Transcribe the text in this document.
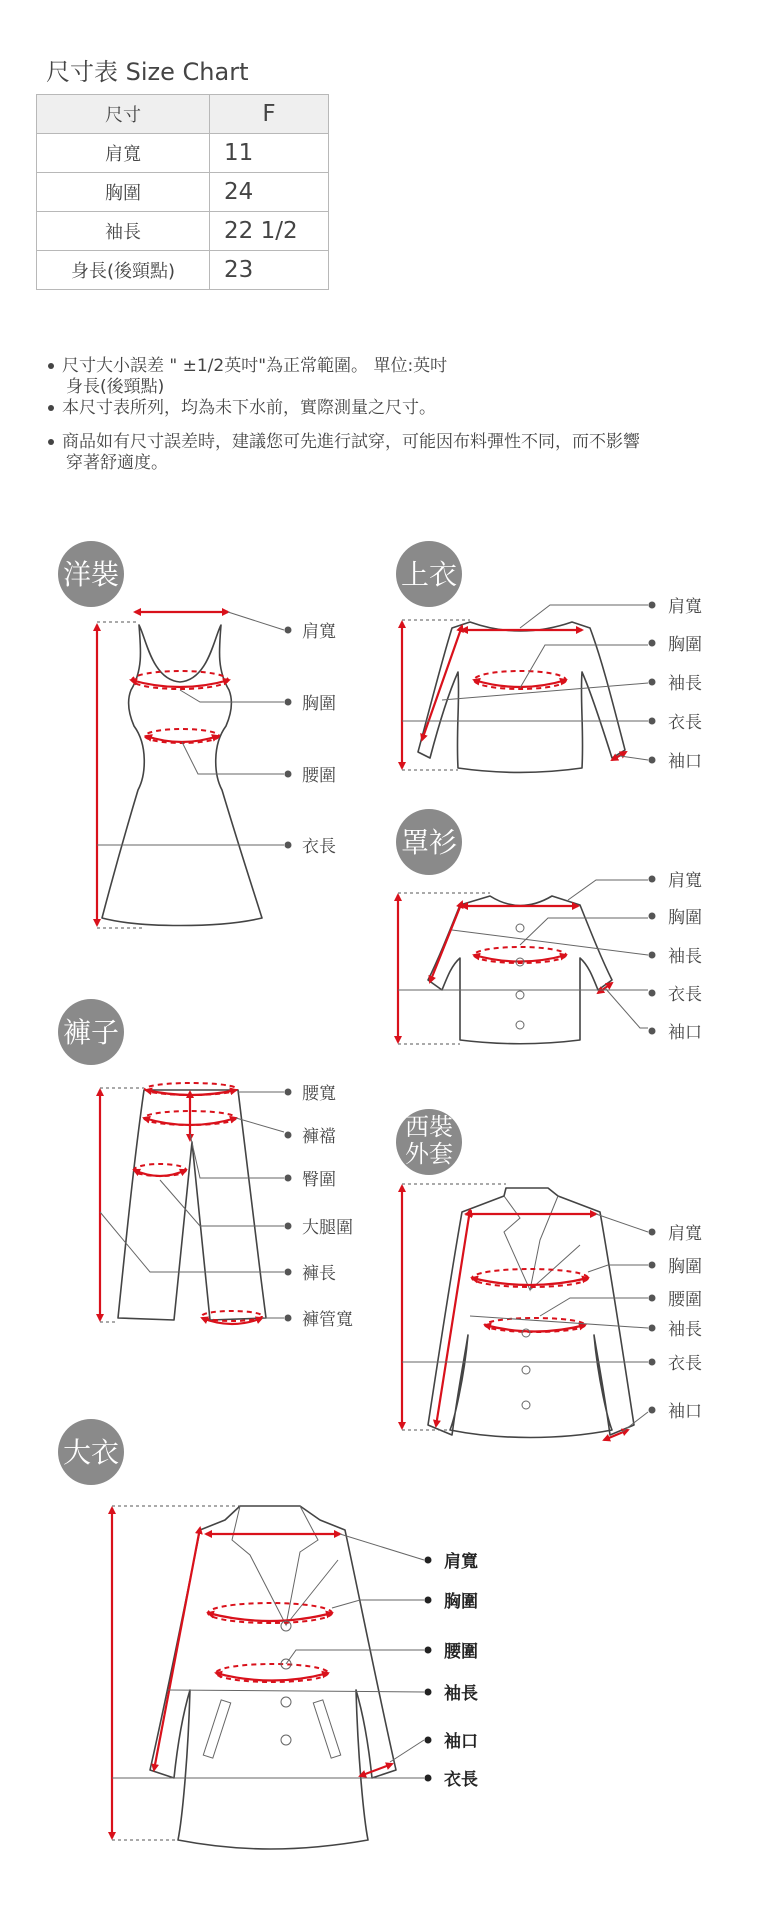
尺寸表 Size Chart
尺寸	F
肩寬	11
胸圍	24
袖長	22 1/2
身長(後頸點)	23
尺寸大小誤差 " ±1/2英吋"為正常範圍。 單位:英吋
身長(後頸點)
本尺寸表所列，均為未下水前，實際測量之尺寸。
商品如有尺寸誤差時，建議您可先進行試穿，可能因布料彈性不同，而不影響
穿著舒適度。
洋裝
肩寬
胸圍
腰圍
衣長
上衣
肩寬
胸圍
袖長
衣長
袖口
罩衫
肩寬
胸圍
袖長
衣長
袖口
褲子
腰寬
褲襠
臀圍
大腿圍
褲長
褲管寬
西裝
外套
肩寬
胸圍
腰圍
袖長
衣長
袖口
大衣
肩寬
胸圍
腰圍
袖長
袖口
衣長
